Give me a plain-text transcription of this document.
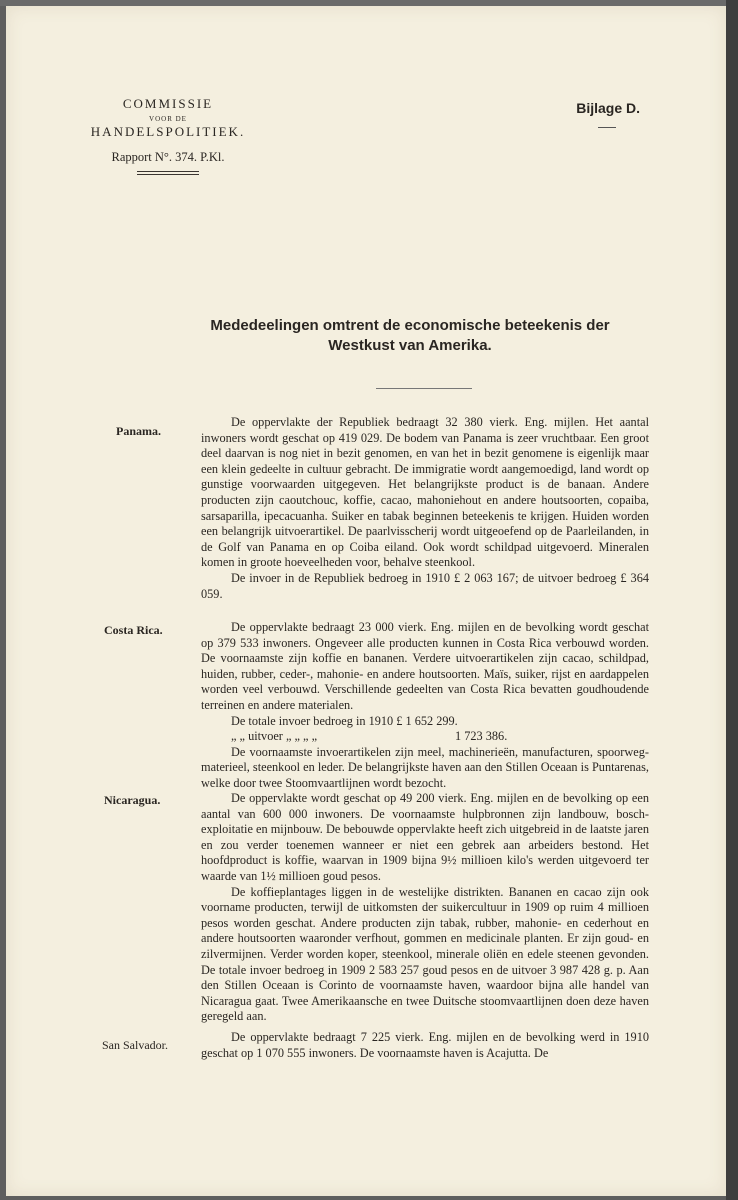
COMMISSIE
VOOR DE
HANDELSPOLITIEK.
Rapport N°. 374. P.Kl.
Bijlage D.
Mededeelingen omtrent de economische beteekenis der
Westkust van Amerika.
Panama.

De oppervlakte der Republiek bedraagt 32 380 vierk. Eng. mijlen. Het aantal inwoners wordt geschat op 419 029. De bodem van Panama is zeer vruchtbaar. Een groot deel daarvan is nog niet in bezit genomen, en van het in bezit genomene is eigenlijk maar een klein gedeelte in cultuur gebracht. De immigratie wordt aangemoedigd, land wordt op gunstige voorwaarden uitgegeven. Het belangrijkste product is de banaan. Andere producten zijn caoutchouc, koffie, cacao, mahoniehout en andere houtsoorten, copaiba, sarsaparilla, ipecacuanha. Suiker en tabak beginnen beteekenis te krijgen. Huiden worden een belangrijk uitvoerartikel. De paarlvisscherij wordt uitgeoefend op de Paarleilanden, in de Golf van Panama en op Coiba eiland. Ook wordt schildpad uitgevoerd. Mineralen komen in groote hoeveelheden voor, behalve steenkool.

De invoer in de Republiek bedroeg in 1910 £ 2 063 167; de uitvoer bedroeg £ 364 059.

Costa Rica.	De oppervlakte bedraagt 23 000 vierk. Eng. mijlen en de bevolking wordt geschat op 379 533 inwoners. Ongeveer alle producten kunnen in Costa Rica verbouwd worden. De voornaamste zijn koffie en bananen. Verdere uitvoerartikelen zijn cacao, schildpad, huiden, rubber, ceder-, mahonie- en andere houtsoorten. Maïs, suiker, rijst en aardappelen worden veel verbouwd. Verschillende gedeelten van Costa Rica bevatten goudhoudende terreinen en andere materialen.

De totale invoer bedroeg in 1910 £ 1 652 299.

„ „ uitvoer „ „ „ „	1 723 386.

De voornaamste invoerartikelen zijn meel, machinerieën, manufacturen, spoorweg-materieel, steenkool en leder. De belangrijkste haven aan den Stillen Oceaan is Puntarenas, welke door twee Stoomvaartlijnen wordt bezocht.

Nicaragua.	De oppervlakte wordt geschat op 49 200 vierk. Eng. mijlen en de bevolking op een aantal van 600 000 inwoners. De voornaamste hulpbronnen zijn landbouw, bosch-exploitatie en mijnbouw. De bebouwde oppervlakte heeft zich uitgebreid in de laatste jaren en zou verder toenemen wanneer er niet een gebrek aan arbeiders bestond. Het hoofdproduct is koffie, waarvan in 1909 bijna 9½ millioen kilo's werden uitgevoerd ter waarde van 1½ millioen goud pesos.

De koffieplantages liggen in de westelijke distrikten. Bananen en cacao zijn ook voorname producten, terwijl de uitkomsten der suikercultuur in 1909 op ruim 4 millioen pesos worden geschat. Andere producten zijn tabak, rubber, mahonie- en cederhout en andere houtsoorten waaronder verfhout, gommen en medicinale planten. Er zijn goud- en zilvermijnen. Verder worden koper, steenkool, minerale oliën en edele steenen gevonden. De totale invoer bedroeg in 1909 2 583 257 goud pesos en de uitvoer 3 987 428 g. p. Aan den Stillen Oceaan is Corinto de voornaamste haven, waardoor bijna alle handel van Nicaragua gaat. Twee Amerikaansche en twee Duitsche stoomvaartlijnen doen deze haven geregeld aan.

San Salvador.

De oppervlakte bedraagt 7 225 vierk. Eng. mijlen en de bevolking werd in 1910 geschat op 1 070 555 inwoners. De voornaamste haven is Acajutta. De
